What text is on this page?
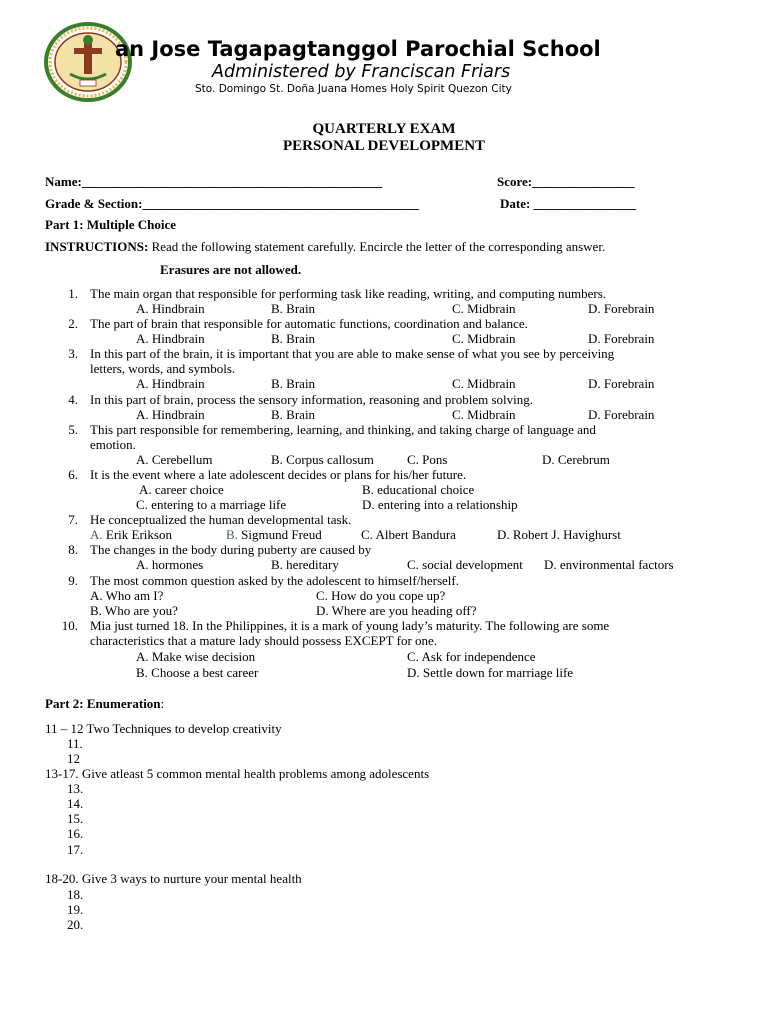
an Jose Tagapagtanggol Parochial School
Administered by Franciscan Friars
Sto. Domingo St. Doña Juana Homes Holy Spirit Quezon City
QUARTERLY EXAM
PERSONAL DEVELOPMENT
Name:__________________________________________________	Score:_________________
Grade & Section:______________________________________________	Date: _________________
Part 1: Multiple Choice
INSTRUCTIONS: Read the following statement carefully. Encircle the letter of the corresponding answer.
Erasures are not allowed.
1. The main organ that responsible for performing task like reading, writing, and computing numbers.
A. Hindbrain	B. Brain	C. Midbrain	D. Forebrain
2. The part of brain that responsible for automatic functions, coordination and balance.
A. Hindbrain	B. Brain	C. Midbrain	D. Forebrain
3. In this part of the brain, it is important that you are able to make sense of what you see by perceiving
letters, words, and symbols.
A. Hindbrain	B. Brain	C. Midbrain	D. Forebrain
4. In this part of brain, process the sensory information, reasoning and problem solving.
A. Hindbrain	B. Brain	C. Midbrain	D. Forebrain
5. This part responsible for remembering, learning, and thinking, and taking charge of language and
emotion.
A. Cerebellum	B. Corpus callosum	C. Pons	D. Cerebrum
6. It is the event where a late adolescent decides or plans for his/her future.
A. career choice	B. educational choice
C. entering to a marriage life	D. entering into a relationship
7. He conceptualized the human developmental task.
A. Erik Erikson	B. Sigmund Freud	C. Albert Bandura	D. Robert J. Havighurst
8. The changes in the body during puberty are caused by
A. hormones	B. hereditary	C. social development D. environmental factors
9. The most common question asked by the adolescent to himself/herself.
A. Who am I?	C. How do you cope up?
B. Who are you?	D. Where are you heading off?
10. Mia just turned 18. In the Philippines, it is a mark of young lady’s maturity. The following are some
characteristics that a mature lady should possess EXCEPT for one.
A. Make wise decision	C. Ask for independence
B. Choose a best career	D. Settle down for marriage life
Part 2: Enumeration:
11 – 12 Two Techniques to develop creativity
11.
12
13-17. Give atleast 5 common mental health problems among adolescents
13.
14.
15.
16.
17.
18-20. Give 3 ways to nurture your mental health
18.
19.
20.
